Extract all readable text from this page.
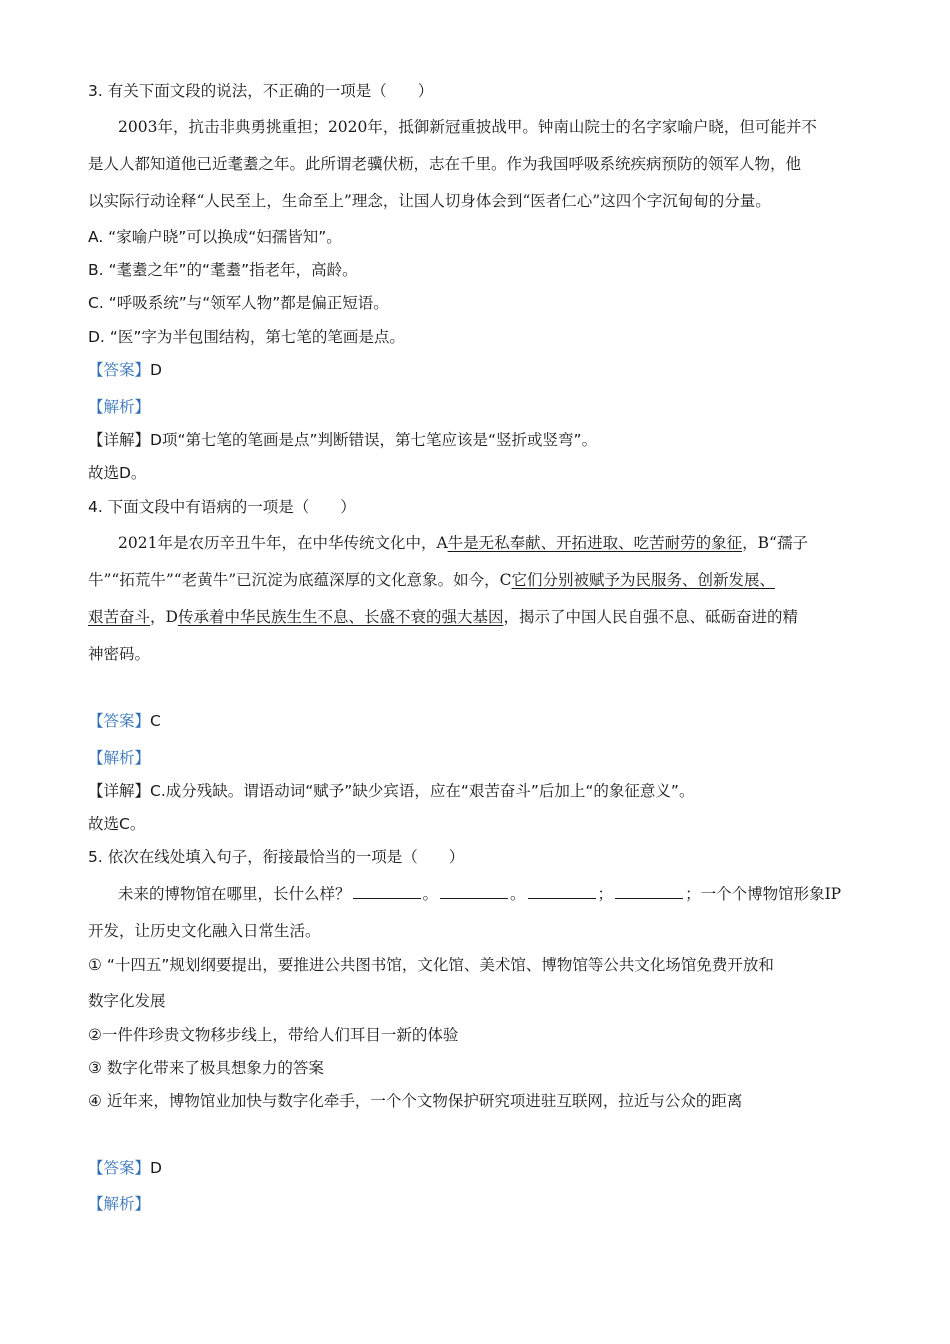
3. 有关下面文段的说法，不正确的一项是（　　）
2003年，抗击非典勇挑重担；2020年，抵御新冠重披战甲。钟南山院士的名字家喻户晓，但可能并不
是人人都知道他已近耄耋之年。此所谓老骥伏枥，志在千里。作为我国呼吸系统疾病预防的领军人物，他
以实际行动诠释“人民至上，生命至上”理念，让国人切身体会到“医者仁心”这四个字沉甸甸的分量。
A. “家喻户晓”可以换成“妇孺皆知”。
B. “耄耋之年”的“耄耋”指老年，高龄。
C. “呼吸系统”与“领军人物”都是偏正短语。
D. “医”字为半包围结构，第七笔的笔画是点。
【答案】D
【解析】
【详解】D项“第七笔的笔画是点”判断错误，第七笔应该是“竖折或竖弯”。
故选D。
4. 下面文段中有语病的一项是（　　）
2021年是农历辛丑牛年，在中华传统文化中，A牛是无私奉献、开拓进取、吃苦耐劳的象征，B“孺子
牛”“拓荒牛”“老黄牛”已沉淀为底蕴深厚的文化意象。如今，C它们分别被赋予为民服务、创新发展、
艰苦奋斗，D传承着中华民族生生不息、长盛不衰的强大基因，揭示了中国人民自强不息、砥砺奋进的精
神密码。
【答案】C
【解析】
【详解】C.成分残缺。谓语动词“赋予”缺少宾语，应在“艰苦奋斗”后加上“的象征意义”。
故选C。
5. 依次在线处填入句子，衔接最恰当的一项是（　　）
未来的博物馆在哪里，长什么样？	。	。	；	；一个个博物馆形象IP
开发，让历史文化融入日常生活。
① “十四五”规划纲要提出，要推进公共图书馆，文化馆、美术馆、博物馆等公共文化场馆免费开放和
数字化发展
②一件件珍贵文物移步线上，带给人们耳目一新的体验
③ 数字化带来了极具想象力的答案
④ 近年来，博物馆业加快与数字化牵手，一个个文物保护研究项进驻互联网，拉近与公众的距离
【答案】D
【解析】
